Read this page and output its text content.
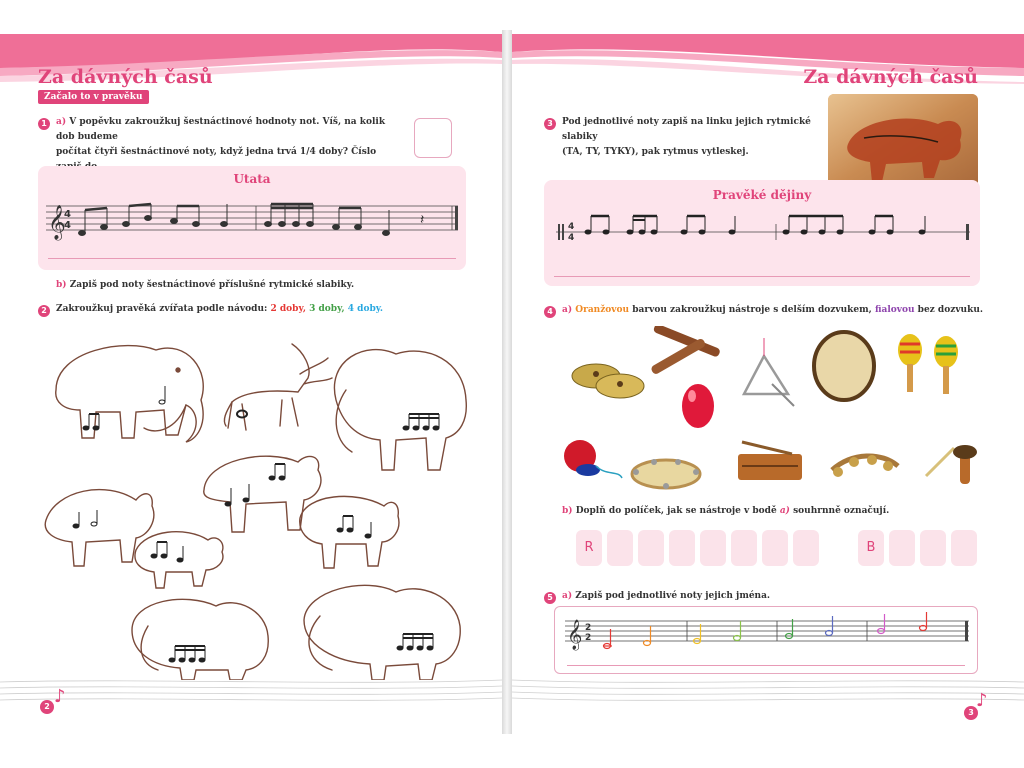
Za dávných časů
Začalo to v pravěku
1	a) V popěvku zakroužkuj šestnáctinové hodnoty not. Víš, na kolik dob budeme
počítat čtyři šestnáctinové noty, když jedna trvá 1/4 doby? Číslo

Utata
𝄞
4
4	𝄽
b) Zapiš pod noty šestnáctinové příslušné rytmické slabiky.
2	Zakroužkuj pravěká zvířata podle návodu: 2 doby, 3 doby, 4 doby.
2 ♪
Za dávných časů
3	Pod jednotlivé noty zapiš na linku jejich rytmické slabiky
(TA, TY, TYKY), pak rytmus vytleskej.
Pravěké dějiny
4
4
4	a) Oranžovou barvou zakroužkuj nástroje s delším dozvukem, fialovou bez dozvuku.
b) Doplň do políček, jak se nástroje v bodě a) souhrnně označují.
R	B
5	a) Zapiš pod jednotlivé noty jejich jména.
𝄞 2
2
3
♪
